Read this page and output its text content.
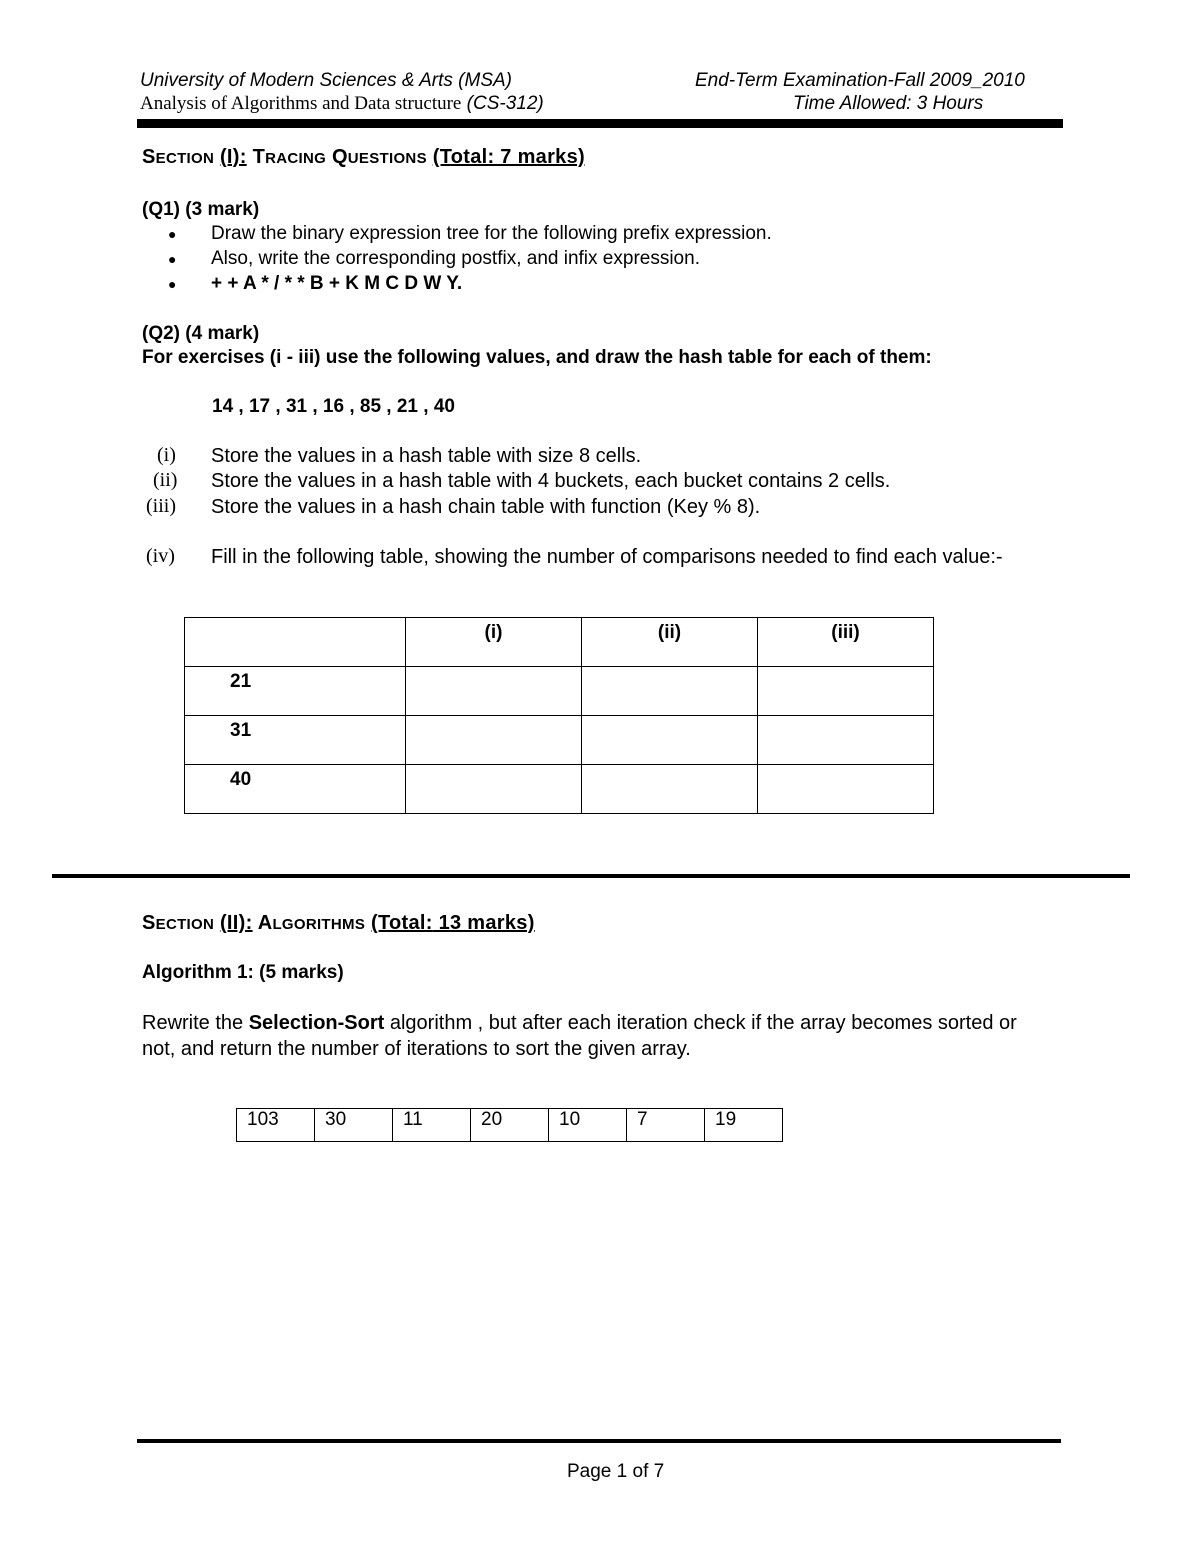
University of Modern Sciences & Arts (MSA)	End-Term Examination-Fall 2009_2010
Analysis of Algorithms and Data structure (CS-312)	Time Allowed: 3 Hours
SECTION (I): TRACING QUESTIONS (Total: 7 marks)
(Q1) (3 mark)
● Draw the binary expression tree for the following prefix expression.
● Also, write the corresponding postfix, and infix expression.
● + + A * / * * B + K M C D W Y.
(Q2) (4 mark)
For exercises (i - iii) use the following values, and draw the hash table for each of them:
14 , 17 , 31 , 16 , 85 , 21 , 40
(i) Store the values in a hash table with size 8 cells.
(ii) Store the values in a hash table with 4 buckets, each bucket contains 2 cells.
(iii) Store the values in a hash chain table with function (Key % 8).
(iv) Fill in the following table, showing the number of comparisons needed to find each value:-

	(i)	(ii)	(iii)

21			

31			

40			

SECTION (II): ALGORITHMS (Total: 13 marks)
Algorithm 1: (5 marks)
Rewrite the Selection-Sort algorithm , but after each iteration check if the array becomes sorted or
not, and return the number of iterations to sort the given array.
103	30	11	20	10	7	19
Page 1 of 7
